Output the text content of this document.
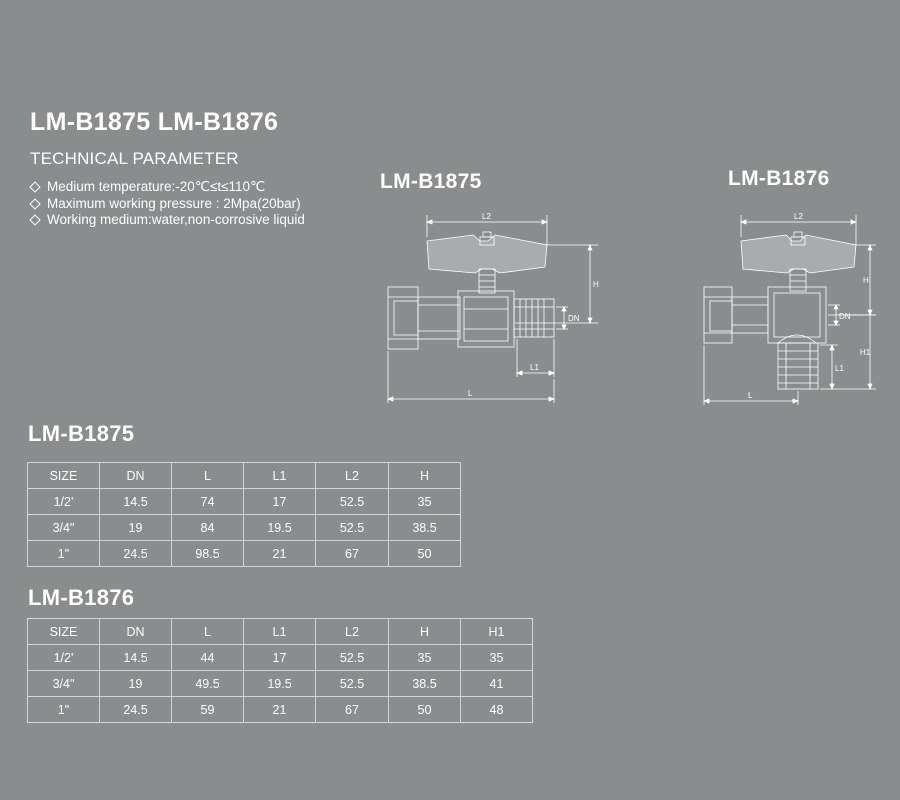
LM-B1875 LM-B1876
TECHNICAL PARAMETER
Medium temperature:-20℃≤t≤110℃
Maximum working pressure : 2Mpa(20bar)
Working medium:water,non-corrosive liquid
LM-B1875	LM-B1876
L2
H
DN
L1
L
L2
H
DN
H1
L1
L
LM-B1875
SIZE	DN	L	L1	L2	H
1/2'	14.5	74	17	52.5	35
3/4"	19	84	19.5	52.5	38.5
1"	24.5	98.5	21	67	50
LM-B1876
SIZE	DN	L	L1	L2	H	H1
1/2'	14.5	44	17	52.5	35	35
3/4"	19	49.5	19.5	52.5	38.5	41
1"	24.5	59	21	67	50	48
